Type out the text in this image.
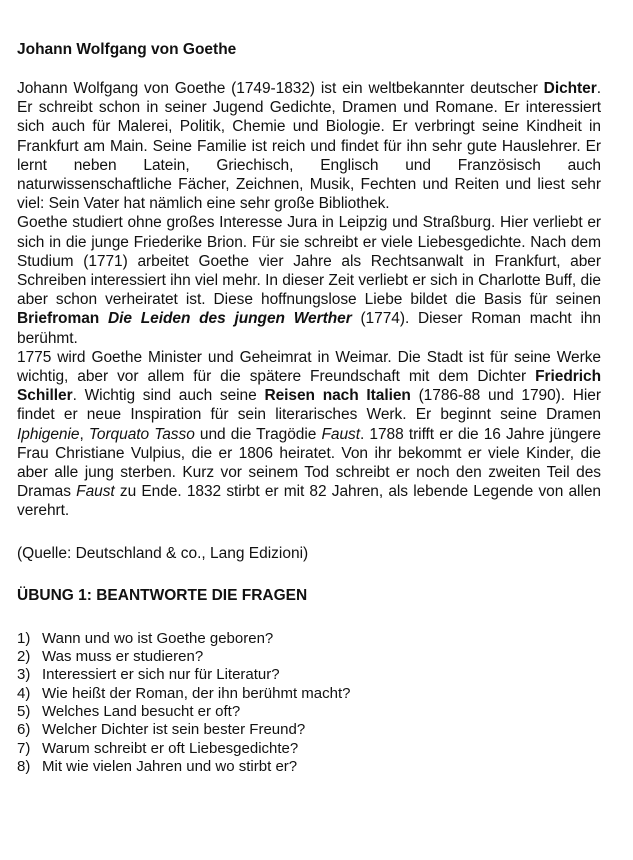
Johann Wolfgang von Goethe

Johann Wolfgang von Goethe (1749-1832) ist ein weltbekannter deutscher Dichter. Er schreibt schon in seiner Jugend Gedichte, Dramen und Romane. Er interessiert sich auch für Malerei, Politik, Chemie und Biologie. Er verbringt seine Kindheit in Frankfurt am Main. Seine Familie ist reich und findet für ihn sehr gute Hauslehrer. Er lernt neben Latein, Griechisch, Englisch und Französisch auch naturwissenschaftliche Fächer, Zeichnen, Musik, Fechten und Reiten und liest sehr viel: Sein Vater hat nämlich eine sehr große Bibliothek.

Goethe studiert ohne großes Interesse Jura in Leipzig und Straßburg. Hier verliebt er sich in die junge Friederike Brion. Für sie schreibt er viele Liebesgedichte. Nach dem Studium (1771) arbeitet Goethe vier Jahre als Rechtsanwalt in Frankfurt, aber Schreiben interessiert ihn viel mehr. In dieser Zeit verliebt er sich in Charlotte Buff, die aber schon verheiratet ist. Diese hoffnungslose Liebe bildet die Basis für seinen Briefroman Die Leiden des jungen Werther (1774). Dieser Roman macht ihn berühmt.

1775 wird Goethe Minister und Geheimrat in Weimar. Die Stadt ist für seine Werke wichtig, aber vor allem für die spätere Freundschaft mit dem Dichter Friedrich Schiller. Wichtig sind auch seine Reisen nach Italien (1786-88 und 1790). Hier findet er neue Inspiration für sein literarisches Werk. Er beginnt seine Dramen Iphigenie, Torquato Tasso und die Tragödie Faust. 1788 trifft er die 16 Jahre jüngere Frau Christiane Vulpius, die er 1806 heiratet. Von ihr bekommt er viele Kinder, die aber alle jung sterben. Kurz vor seinem Tod schreibt er noch den zweiten Teil des Dramas Faust zu Ende. 1832 stirbt er mit 82 Jahren, als lebende Legende von allen verehrt.

(Quelle: Deutschland & co., Lang Edizioni)
ÜBUNG 1: BEANTWORTE DIE FRAGEN
1) Wann und wo ist Goethe geboren?
2) Was muss er studieren?
3) Interessiert er sich nur für Literatur?
4) Wie heißt der Roman, der ihn berühmt macht?
5) Welches Land besucht er oft?
6) Welcher Dichter ist sein bester Freund?
7) Warum schreibt er oft Liebesgedichte?
8) Mit wie vielen Jahren und wo stirbt er?
